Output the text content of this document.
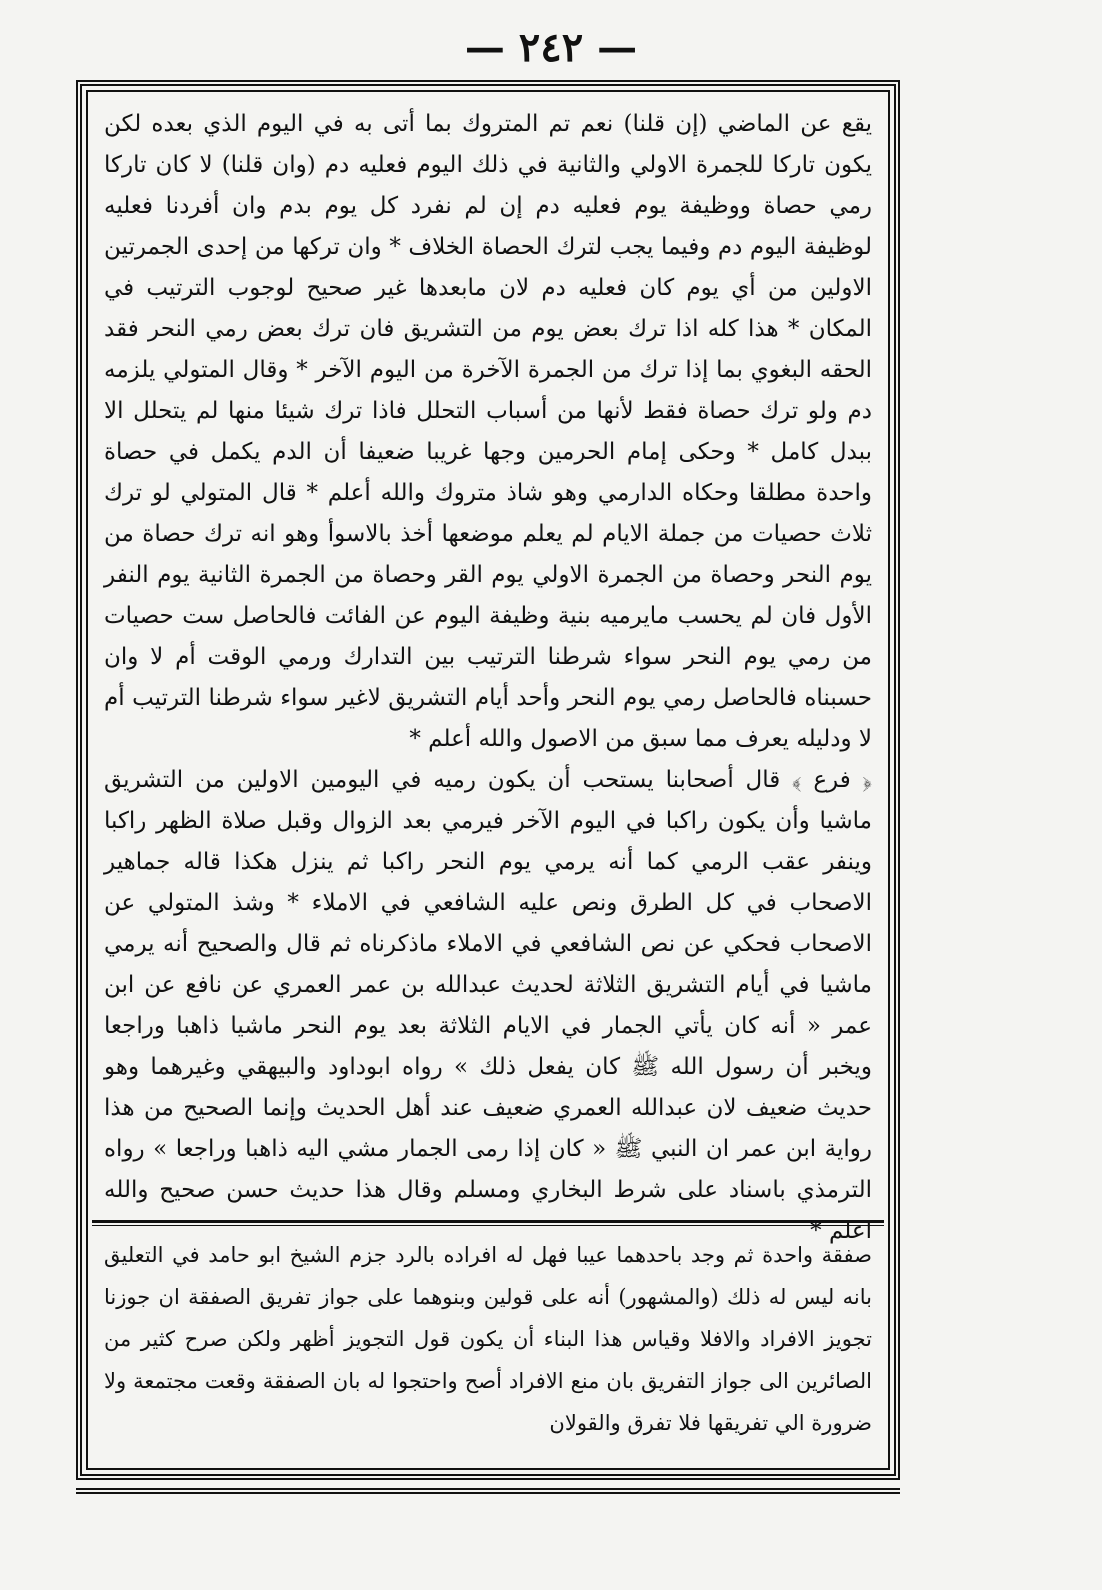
— ٢٤٢ —

يقع عن الماضي (إن قلنا) نعم تم المتروك بما أتى به في اليوم الذي بعده لكن يكون تاركا للجمرة الاولي والثانية في ذلك اليوم فعليه دم (وان قلنا) لا كان تاركا رمي حصاة ووظيفة يوم فعليه دم إن لم نفرد كل يوم بدم وان أفردنا فعليه لوظيفة اليوم دم وفيما يجب لترك الحصاة الخلاف * وان تركها من إحدى الجمرتين الاولين من أي يوم كان فعليه دم لان مابعدها غير صحيح لوجوب الترتيب في المكان * هذا كله اذا ترك بعض يوم من التشريق فان ترك بعض رمي النحر فقد الحقه البغوي بما إذا ترك من الجمرة الآخرة من اليوم الآخر * وقال المتولي يلزمه دم ولو ترك حصاة فقط لأنها من أسباب التحلل فاذا ترك شيئا منها لم يتحلل الا ببدل كامل * وحكى إمام الحرمين وجها غريبا ضعيفا أن الدم يكمل في حصاة واحدة مطلقا وحكاه الدارمي وهو شاذ متروك والله أعلم * قال المتولي لو ترك ثلاث حصيات من جملة الايام لم يعلم موضعها أخذ بالاسوأ وهو انه ترك حصاة من يوم النحر وحصاة من الجمرة الاولي يوم القر وحصاة من الجمرة الثانية يوم النفر الأول فان لم يحسب مايرميه بنية وظيفة اليوم عن الفائت فالحاصل ست حصيات من رمي يوم النحر سواء شرطنا الترتيب بين التدارك ورمي الوقت أم لا وان حسبناه فالحاصل رمي يوم النحر وأحد أيام التشريق لاغير سواء شرطنا الترتيب أم لا ودليله يعرف مما سبق من الاصول والله أعلم *

﴿ فرع ﴾ قال أصحابنا يستحب أن يكون رميه في اليومين الاولين من التشريق ماشيا وأن يكون راكبا في اليوم الآخر فيرمي بعد الزوال وقبل صلاة الظهر راكبا وينفر عقب الرمي كما أنه يرمي يوم النحر راكبا ثم ينزل هكذا قاله جماهير الاصحاب في كل الطرق ونص عليه الشافعي في الاملاء * وشذ المتولي عن الاصحاب فحكي عن نص الشافعي في الاملاء ماذكرناه ثم قال والصحيح أنه يرمي ماشيا في أيام التشريق الثلاثة لحديث عبدالله بن عمر العمري عن نافع عن ابن عمر « أنه كان يأتي الجمار في الايام الثلاثة بعد يوم النحر ماشيا ذاهبا وراجعا ويخبر أن رسول الله ﷺ كان يفعل ذلك » رواه ابوداود والبيهقي وغيرهما وهو حديث ضعيف لان عبدالله العمري ضعيف عند أهل الحديث وإنما الصحيح من هذا رواية ابن عمر ان النبي ﷺ « كان إذا رمى الجمار مشي اليه ذاهبا وراجعا » رواه الترمذي باسناد على شرط البخاري ومسلم وقال هذا حديث حسن صحيح والله اعلم *

صفقة واحدة ثم وجد باحدهما عيبا فهل له افراده بالرد جزم الشيخ ابو حامد في التعليق بانه ليس له ذلك (والمشهور) أنه على قولين وبنوهما على جواز تفريق الصفقة ان جوزنا تجويز الافراد والافلا وقياس هذا البناء أن يكون قول التجويز أظهر ولكن صرح كثير من الصائرين الى جواز التفريق بان منع الافراد أصح واحتجوا له بان الصفقة وقعت مجتمعة ولا ضرورة الي تفريقها فلا تفرق والقولان
